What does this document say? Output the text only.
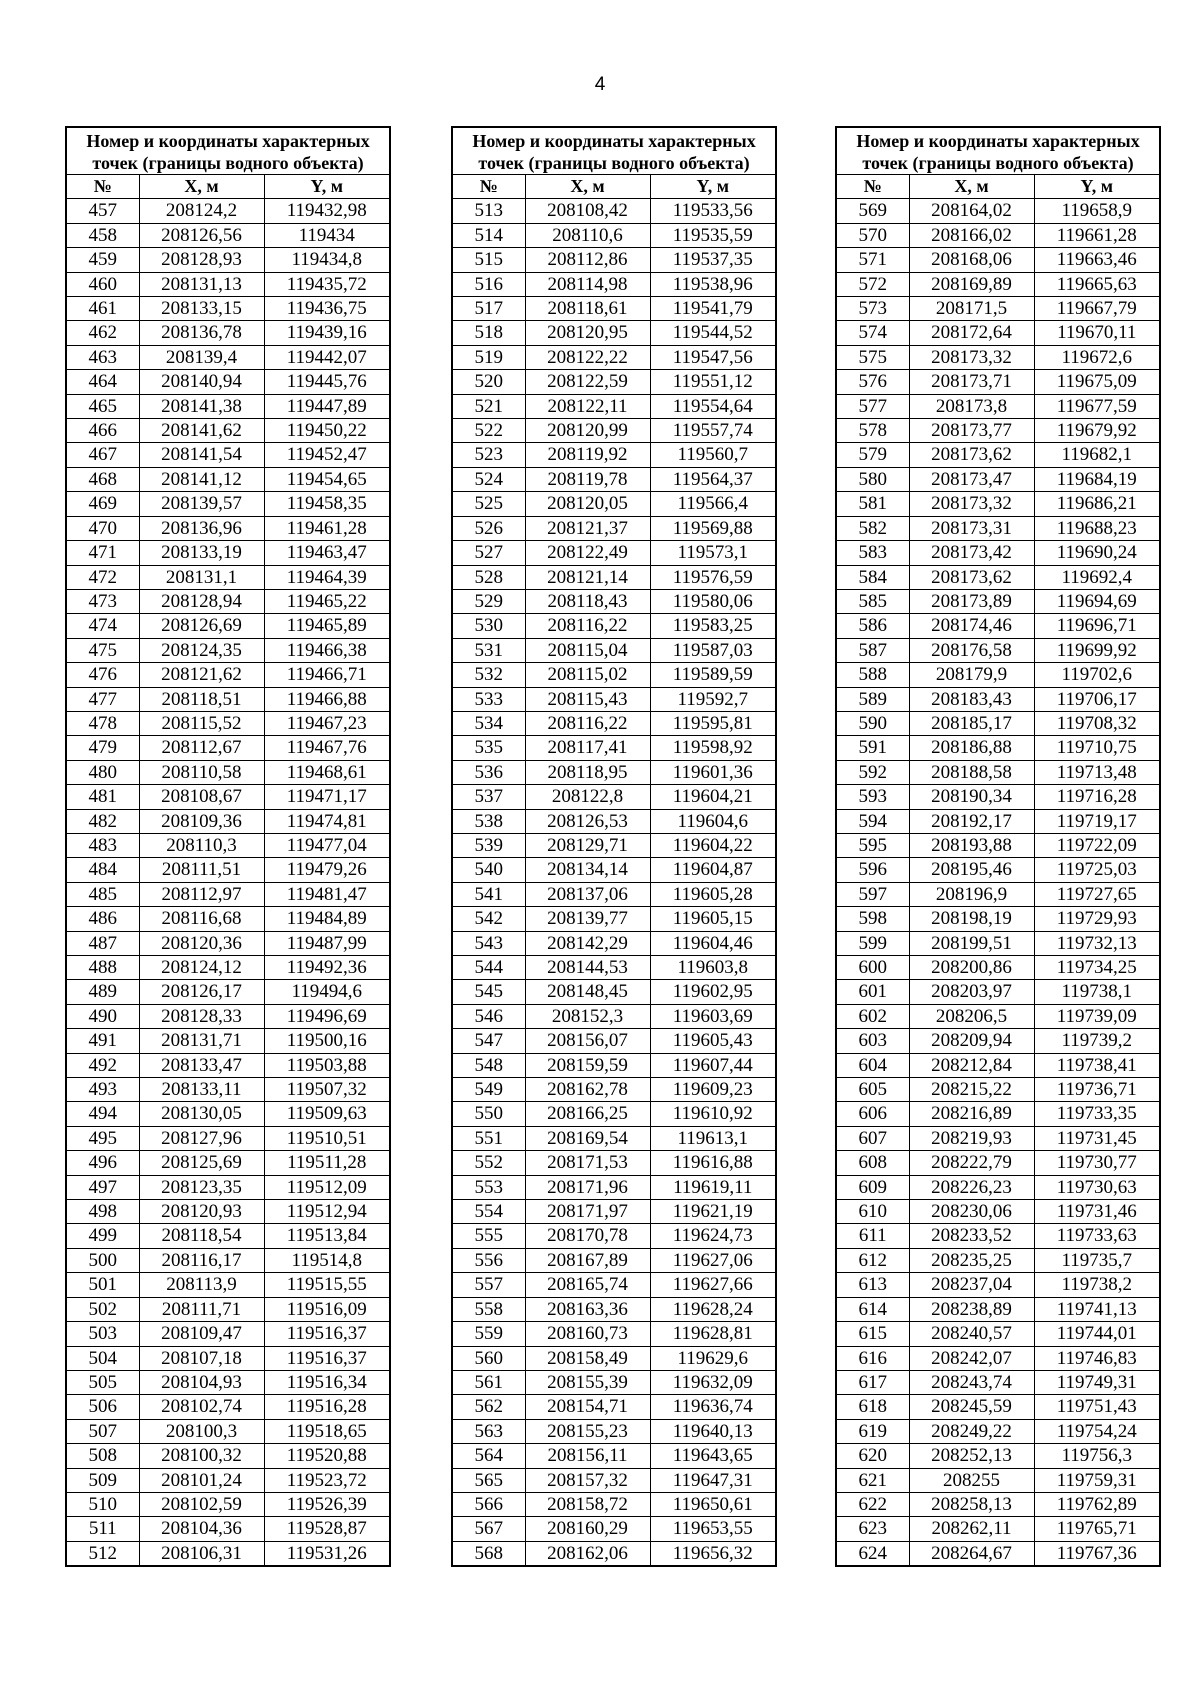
4
Номер и координаты характерных точек (границы водного объекта)		
№	X, м	Y, м
457	208124,2	119432,98
458	208126,56	119434
459	208128,93	119434,8
460	208131,13	119435,72
461	208133,15	119436,75
462	208136,78	119439,16
463	208139,4	119442,07
464	208140,94	119445,76
465	208141,38	119447,89
466	208141,62	119450,22
467	208141,54	119452,47
468	208141,12	119454,65
469	208139,57	119458,35
470	208136,96	119461,28
471	208133,19	119463,47
472	208131,1	119464,39
473	208128,94	119465,22
474	208126,69	119465,89
475	208124,35	119466,38
476	208121,62	119466,71
477	208118,51	119466,88
478	208115,52	119467,23
479	208112,67	119467,76
480	208110,58	119468,61
481	208108,67	119471,17
482	208109,36	119474,81
483	208110,3	119477,04
484	208111,51	119479,26
485	208112,97	119481,47
486	208116,68	119484,89
487	208120,36	119487,99
488	208124,12	119492,36
489	208126,17	119494,6
490	208128,33	119496,69
491	208131,71	119500,16
492	208133,47	119503,88
493	208133,11	119507,32
494	208130,05	119509,63
495	208127,96	119510,51
496	208125,69	119511,28
497	208123,35	119512,09
498	208120,93	119512,94
499	208118,54	119513,84
500	208116,17	119514,8
501	208113,9	119515,55
502	208111,71	119516,09
503	208109,47	119516,37
504	208107,18	119516,37
505	208104,93	119516,34
506	208102,74	119516,28
507	208100,3	119518,65
508	208100,32	119520,88
509	208101,24	119523,72
510	208102,59	119526,39
511	208104,36	119528,87
512	208106,31	119531,26
Номер и координаты характерных точек (границы водного объекта)		
№	X, м	Y, м
513	208108,42	119533,56
514	208110,6	119535,59
515	208112,86	119537,35
516	208114,98	119538,96
517	208118,61	119541,79
518	208120,95	119544,52
519	208122,22	119547,56
520	208122,59	119551,12
521	208122,11	119554,64
522	208120,99	119557,74
523	208119,92	119560,7
524	208119,78	119564,37
525	208120,05	119566,4
526	208121,37	119569,88
527	208122,49	119573,1
528	208121,14	119576,59
529	208118,43	119580,06
530	208116,22	119583,25
531	208115,04	119587,03
532	208115,02	119589,59
533	208115,43	119592,7
534	208116,22	119595,81
535	208117,41	119598,92
536	208118,95	119601,36
537	208122,8	119604,21
538	208126,53	119604,6
539	208129,71	119604,22
540	208134,14	119604,87
541	208137,06	119605,28
542	208139,77	119605,15
543	208142,29	119604,46
544	208144,53	119603,8
545	208148,45	119602,95
546	208152,3	119603,69
547	208156,07	119605,43
548	208159,59	119607,44
549	208162,78	119609,23
550	208166,25	119610,92
551	208169,54	119613,1
552	208171,53	119616,88
553	208171,96	119619,11
554	208171,97	119621,19
555	208170,78	119624,73
556	208167,89	119627,06
557	208165,74	119627,66
558	208163,36	119628,24
559	208160,73	119628,81
560	208158,49	119629,6
561	208155,39	119632,09
562	208154,71	119636,74
563	208155,23	119640,13
564	208156,11	119643,65
565	208157,32	119647,31
566	208158,72	119650,61
567	208160,29	119653,55
568	208162,06	119656,32
Номер и координаты характерных точек (границы водного объекта)		
№	X, м	Y, м
569	208164,02	119658,9
570	208166,02	119661,28
571	208168,06	119663,46
572	208169,89	119665,63
573	208171,5	119667,79
574	208172,64	119670,11
575	208173,32	119672,6
576	208173,71	119675,09
577	208173,8	119677,59
578	208173,77	119679,92
579	208173,62	119682,1
580	208173,47	119684,19
581	208173,32	119686,21
582	208173,31	119688,23
583	208173,42	119690,24
584	208173,62	119692,4
585	208173,89	119694,69
586	208174,46	119696,71
587	208176,58	119699,92
588	208179,9	119702,6
589	208183,43	119706,17
590	208185,17	119708,32
591	208186,88	119710,75
592	208188,58	119713,48
593	208190,34	119716,28
594	208192,17	119719,17
595	208193,88	119722,09
596	208195,46	119725,03
597	208196,9	119727,65
598	208198,19	119729,93
599	208199,51	119732,13
600	208200,86	119734,25
601	208203,97	119738,1
602	208206,5	119739,09
603	208209,94	119739,2
604	208212,84	119738,41
605	208215,22	119736,71
606	208216,89	119733,35
607	208219,93	119731,45
608	208222,79	119730,77
609	208226,23	119730,63
610	208230,06	119731,46
611	208233,52	119733,63
612	208235,25	119735,7
613	208237,04	119738,2
614	208238,89	119741,13
615	208240,57	119744,01
616	208242,07	119746,83
617	208243,74	119749,31
618	208245,59	119751,43
619	208249,22	119754,24
620	208252,13	119756,3
621	208255	119759,31
622	208258,13	119762,89
623	208262,11	119765,71
624	208264,67	119767,36
